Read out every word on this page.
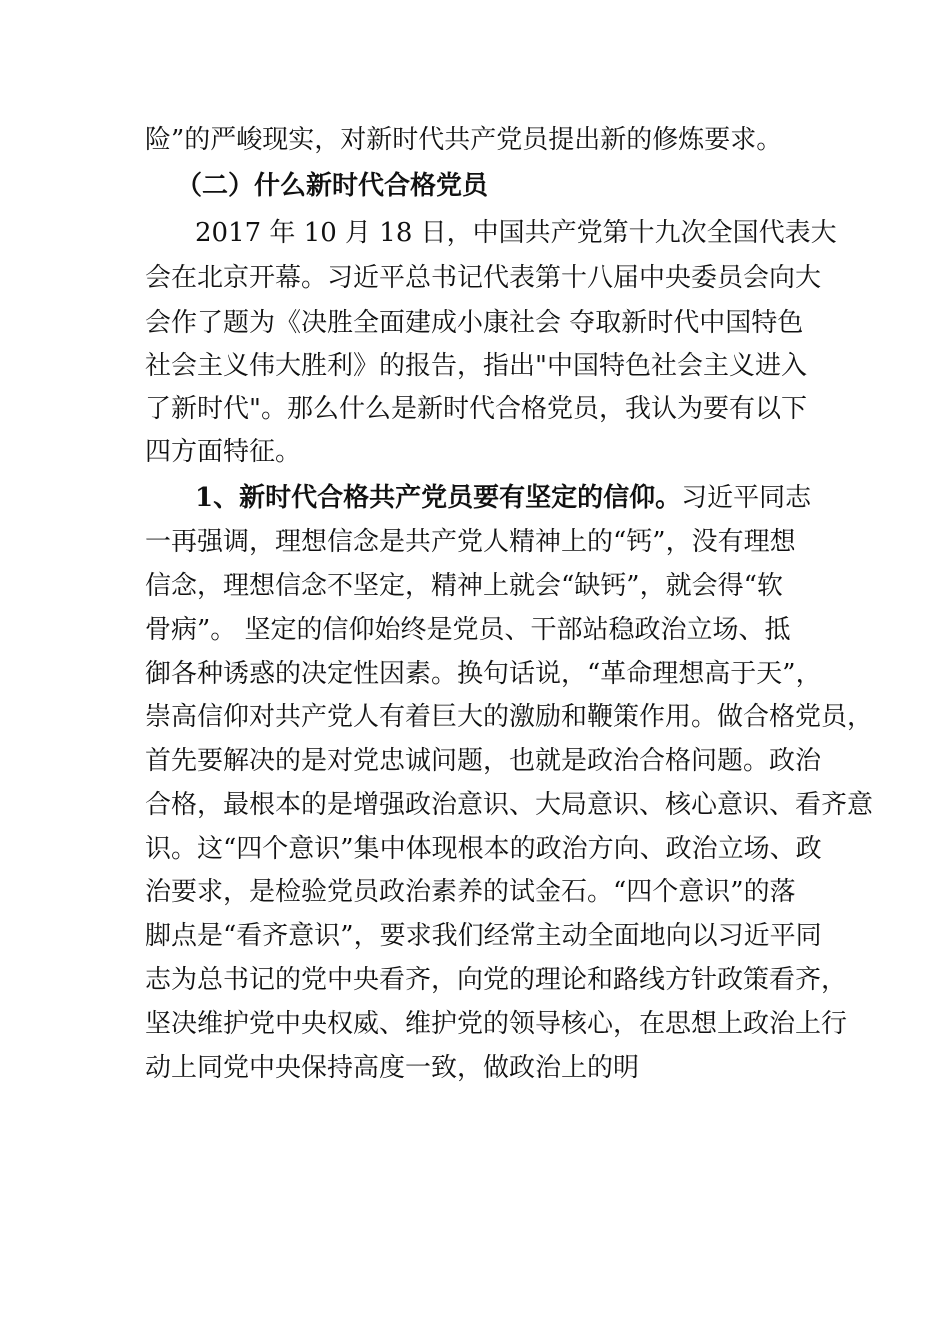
险”的严峻现实，对新时代共产党员提出新的修炼要求。
（二）什么新时代合格党员
2017 年 10 月 18 日，中国共产党第十九次全国代表大
会在北京开幕。习近平总书记代表第十八届中央委员会向大
会作了题为《决胜全面建成小康社会 夺取新时代中国特色
社会主义伟大胜利》的报告，指出"中国特色社会主义进入
了新时代"。那么什么是新时代合格党员，我认为要有以下
四方面特征。
1、新时代合格共产党员要有坚定的信仰。习近平同志
一再强调，理想信念是共产党人精神上的“钙”，没有理想
信念，理想信念不坚定，精神上就会“缺钙”，就会得“软
骨病”。 坚定的信仰始终是党员、干部站稳政治立场、抵
御各种诱惑的决定性因素。换句话说，“革命理想高于天”，
崇高信仰对共产党人有着巨大的激励和鞭策作用。做合格党员，
首先要解决的是对党忠诚问题，也就是政治合格问题。政治
合格，最根本的是增强政治意识、大局意识、核心意识、看齐意
识。这“四个意识”集中体现根本的政治方向、政治立场、政
治要求，是检验党员政治素养的试金石。“四个意识”的落
脚点是“看齐意识”，要求我们经常主动全面地向以习近平同
志为总书记的党中央看齐，向党的理论和路线方针政策看齐，
坚决维护党中央权威、维护党的领导核心，在思想上政治上行
动上同党中央保持高度一致，做政治上的明
